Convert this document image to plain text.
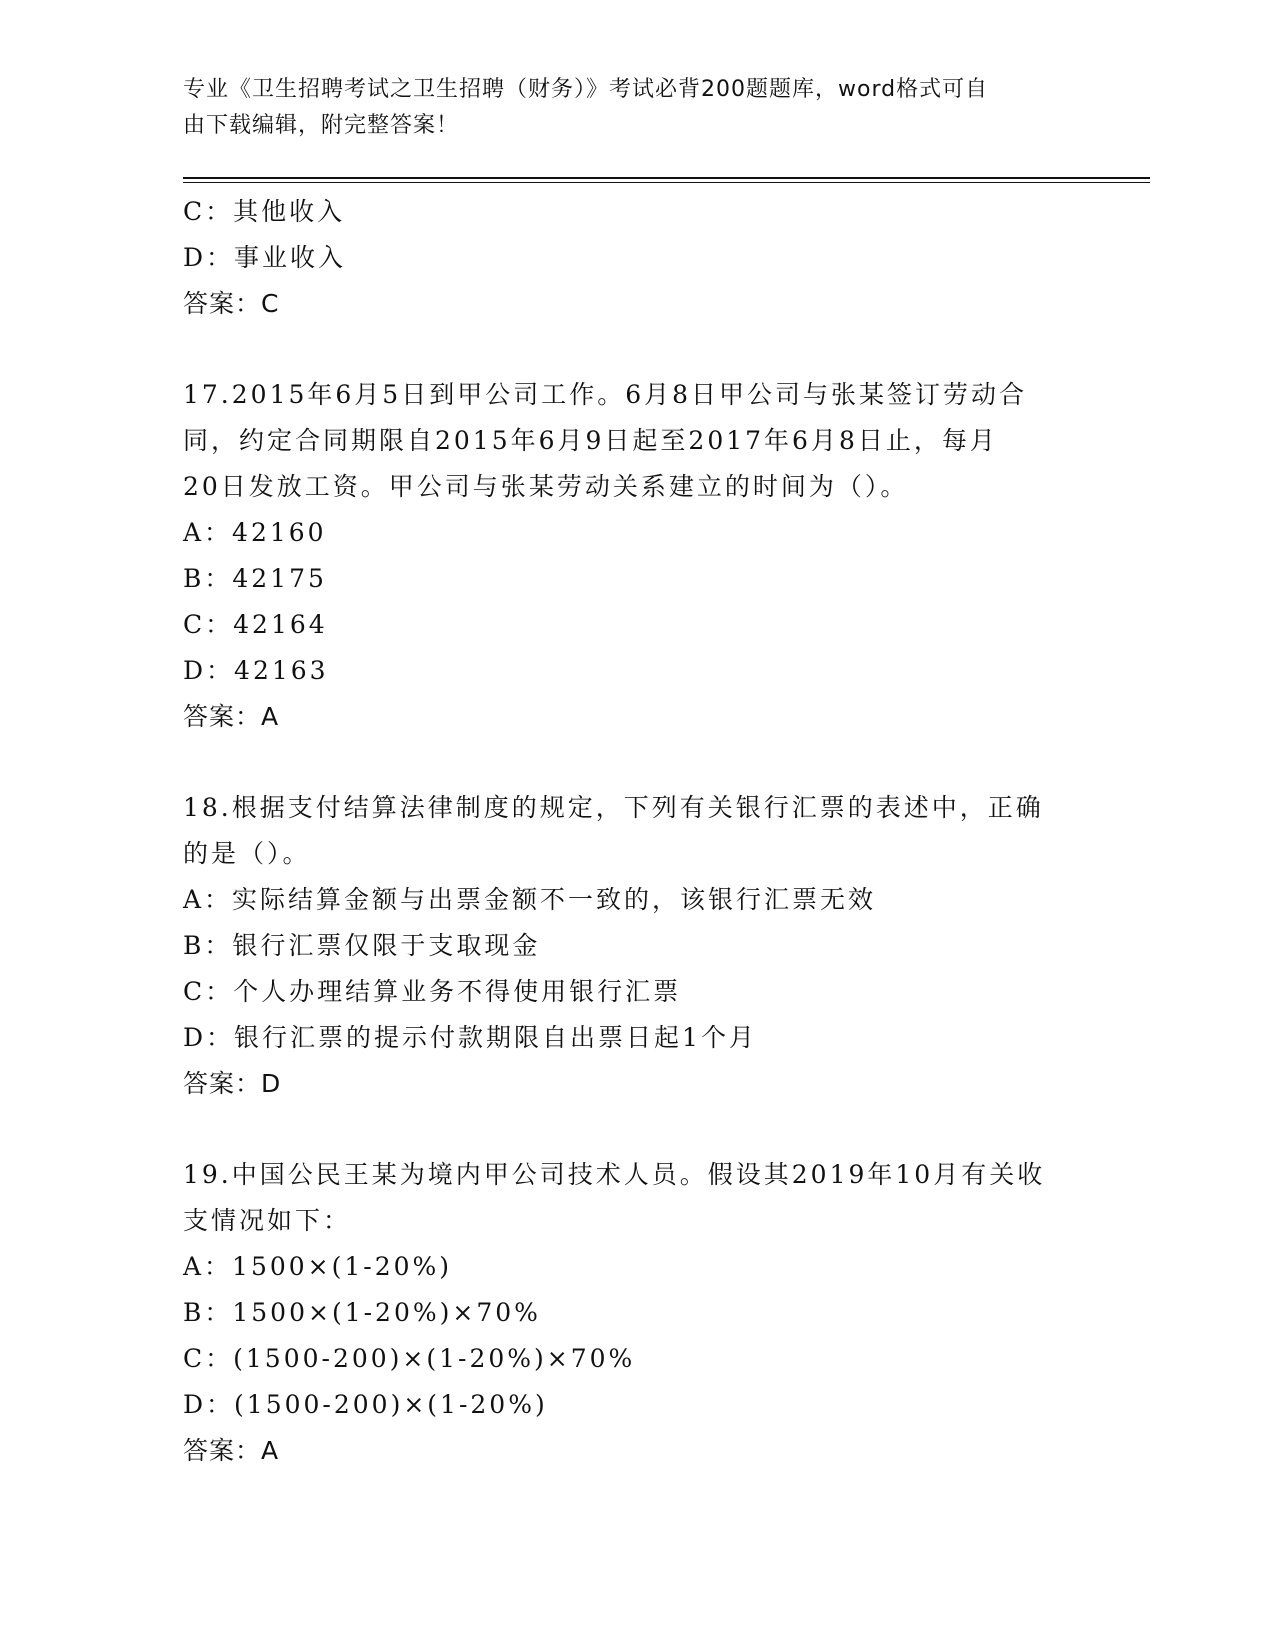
专业《卫生招聘考试之卫生招聘（财务）》考试必背200题题库，word格式可自
由下载编辑，附完整答案！
C：其他收入
D：事业收入
答案：C
17.2015年6月5日到甲公司工作。6月8日甲公司与张某签订劳动合
同，约定合同期限自2015年6月9日起至2017年6月8日止，每月
20日发放工资。甲公司与张某劳动关系建立的时间为（）。
A：42160
B：42175
C：42164
D：42163
答案：A
18.根据支付结算法律制度的规定，下列有关银行汇票的表述中，正确
的是（）。
A：实际结算金额与出票金额不一致的，该银行汇票无效
B：银行汇票仅限于支取现金
C：个人办理结算业务不得使用银行汇票
D：银行汇票的提示付款期限自出票日起1个月
答案：D
19.中国公民王某为境内甲公司技术人员。假设其2019年10月有关收
支情况如下：
A：1500×(1-20%)
B：1500×(1-20%)×70%
C：(1500-200)×(1-20%)×70%
D：(1500-200)×(1-20%)
答案：A
